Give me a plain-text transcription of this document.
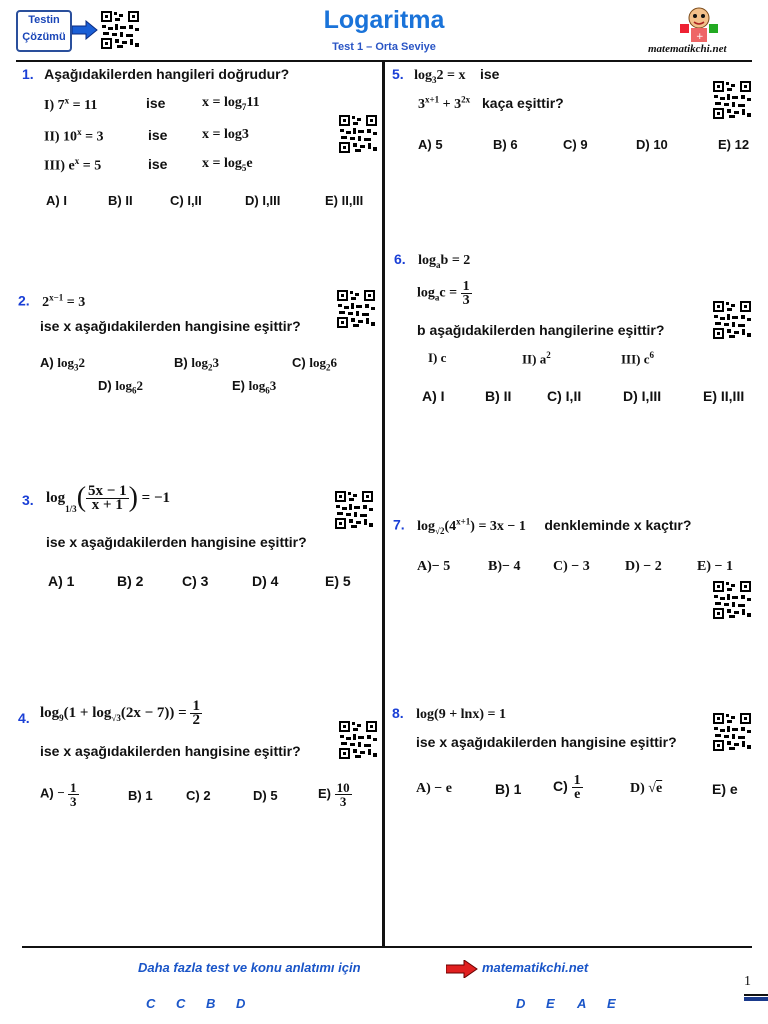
Testin
Çözümü
Logaritma
Test 1 – Orta Seviye
+
matematikchi.net
1. Aşağıdakilerden hangileri doğrudur?
I) $7^x = 11$	ise	$x = \log_711$
II) $10^x = 3$	ise x = log3
III) $e^x = 5$	ise $x = \log_5e$
A) I	B) II	C) I,II	D) I,III	E) II,III
2. $2^{x-1} = 3$
ise x aşağıdakilerden hangisine eşittir?
A) $\log_32$	B) $\log_23$	C) $\log_26$
D) $\log_62$	E) $\log_63$
3. $\log_{1/3}( \frac{5x - 1}{x + 1}$ ) = −1
ise x aşağıdakilerden hangisine eşittir?
A) 1	B) 2	C) 3	D) 4	E) 5
4. $\log_9(1 + \log_{√3}(2x - 7)) = \frac{1}{2}$
ise x aşağıdakilerden hangisine eşittir?
$A) - \frac{1}{3}$	B) 1	C) 2	D) 5	$E) \frac{10}{3}$
5. $\log_32 = x$ ise
$3^{x+1} + 3^{2x}$ kaça eşittir?
A) 5	B) 6	C) 9	D) 10	E) 12
6. $\log_ab = 2$
$\log_ac = \frac{1}{3}$
b aşağıdakilerden hangilerine eşittir?
I) c	II) $a^2$	III) $c^6$
A) I	B) II	C) I,II	D) I,III	E) II,III
7. $\log_{√2}(4^{x+1}) = 3x - 1$ denkleminde x kaçtır?
A)− 5	B)− 4 C) − 3	D) − 2	E) − 1
8. log(9 + lnx) = 1
ise x aşağıdakilerden hangisine eşittir?
A) − e	B) 1 $C) \frac{1}{e}$	D) √e	E) e
Daha fazla test ve konu anlatımı için	matematikchi.net
1
C C B D	D E A E
